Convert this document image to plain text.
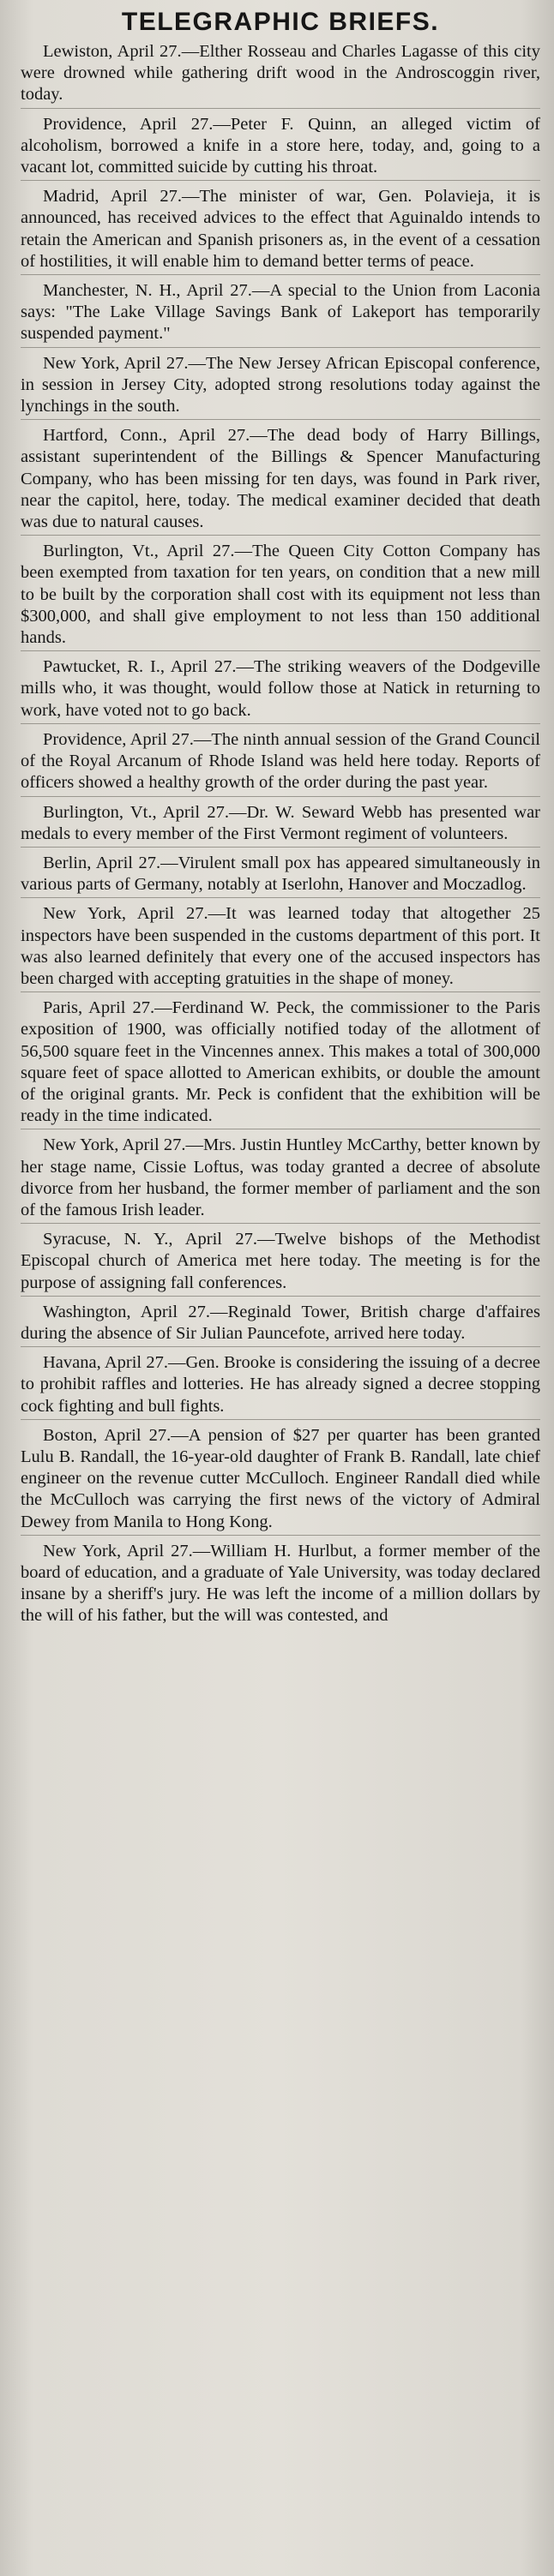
TELEGRAPHIC BRIEFS.

Lewiston, April 27.—Elther Rosseau and Charles Lagasse of this city were drowned while gathering drift wood in the Androscoggin river, today.

Providence, April 27.—Peter F. Quinn, an alleged victim of alcoholism, borrowed a knife in a store here, today, and, going to a vacant lot, committed suicide by cutting his throat.

Madrid, April 27.—The minister of war, Gen. Polavieja, it is announced, has received advices to the effect that Aguinaldo intends to retain the American and Spanish prisoners as, in the event of a cessation of hostilities, it will enable him to demand better terms of peace.

Manchester, N. H., April 27.—A special to the Union from Laconia says: "The Lake Village Savings Bank of Lakeport has temporarily suspended payment."

New York, April 27.—The New Jersey African Episcopal conference, in session in Jersey City, adopted strong resolutions today against the lynchings in the south.

Hartford, Conn., April 27.—The dead body of Harry Billings, assistant superintendent of the Billings & Spencer Manufacturing Company, who has been missing for ten days, was found in Park river, near the capitol, here, today. The medical examiner decided that death was due to natural causes.

Burlington, Vt., April 27.—The Queen City Cotton Company has been exempted from taxation for ten years, on condition that a new mill to be built by the corporation shall cost with its equipment not less than $300,000, and shall give employment to not less than 150 additional hands.

Pawtucket, R. I., April 27.—The striking weavers of the Dodgeville mills who, it was thought, would follow those at Natick in returning to work, have voted not to go back.

Providence, April 27.—The ninth annual session of the Grand Council of the Royal Arcanum of Rhode Island was held here today. Reports of officers showed a healthy growth of the order during the past year.

Burlington, Vt., April 27.—Dr. W. Seward Webb has presented war medals to every member of the First Vermont regiment of volunteers.

Berlin, April 27.—Virulent small pox has appeared simultaneously in various parts of Germany, notably at Iserlohn, Hanover and Moczadlog.

New York, April 27.—It was learned today that altogether 25 inspectors have been suspended in the customs department of this port. It was also learned definitely that every one of the accused inspectors has been charged with accepting gratuities in the shape of money.

Paris, April 27.—Ferdinand W. Peck, the commissioner to the Paris exposition of 1900, was officially notified today of the allotment of 56,500 square feet in the Vincennes annex. This makes a total of 300,000 square feet of space allotted to American exhibits, or double the amount of the original grants. Mr. Peck is confident that the exhibition will be ready in the time indicated.

New York, April 27.—Mrs. Justin Huntley McCarthy, better known by her stage name, Cissie Loftus, was today granted a decree of absolute divorce from her husband, the former member of parliament and the son of the famous Irish leader.

Syracuse, N. Y., April 27.—Twelve bishops of the Methodist Episcopal church of America met here today. The meeting is for the purpose of assigning fall conferences.

Washington, April 27.—Reginald Tower, British charge d'affaires during the absence of Sir Julian Pauncefote, arrived here today.

Havana, April 27.—Gen. Brooke is considering the issuing of a decree to prohibit raffles and lotteries. He has already signed a decree stopping cock fighting and bull fights.

Boston, April 27.—A pension of $27 per quarter has been granted Lulu B. Randall, the 16-year-old daughter of Frank B. Randall, late chief engineer on the revenue cutter McCulloch. Engineer Randall died while the McCulloch was carrying the first news of the victory of Admiral Dewey from Manila to Hong Kong.

New York, April 27.—William H. Hurlbut, a former member of the board of education, and a graduate of Yale University, was today declared insane by a sheriff's jury. He was left the income of a million dollars by the will of his father, but the will was contested, and
